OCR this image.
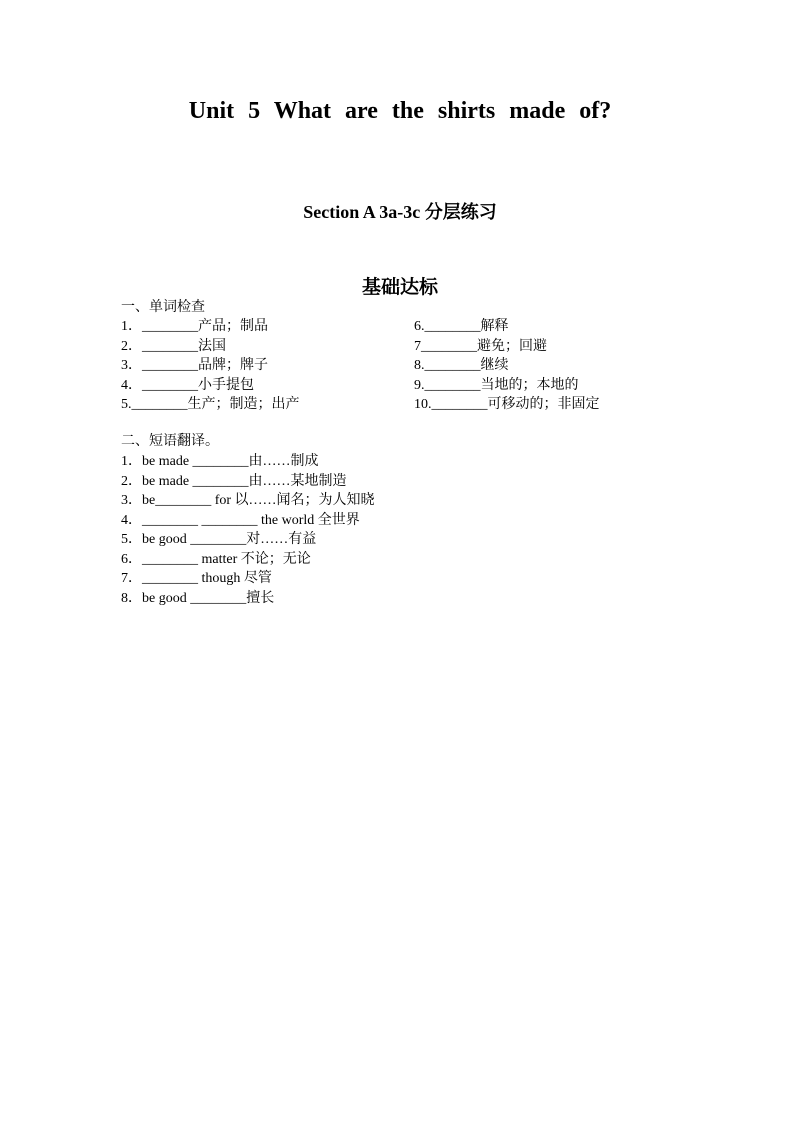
Unit 5 What are the shirts made of?
Section A 3a-3c 分层练习
基础达标
一、单词检查
1．________产品；制品
2．________法国
3．________品牌；牌子
4．________小手提包
5.________生产；制造；出产
6.________解释
7________避免；回避
8.________继续
9.________当地的；本地的
10.________可移动的；非固定
二、短语翻译。
1．be made ________由……制成
2．be made ________由……某地制造
3．be________ for 以……闻名；为人知晓
4．________ ________ the world 全世界
5．be good ________对……有益
6．________ matter 不论；无论
7．________ though 尽管
8．be good ________擅长
